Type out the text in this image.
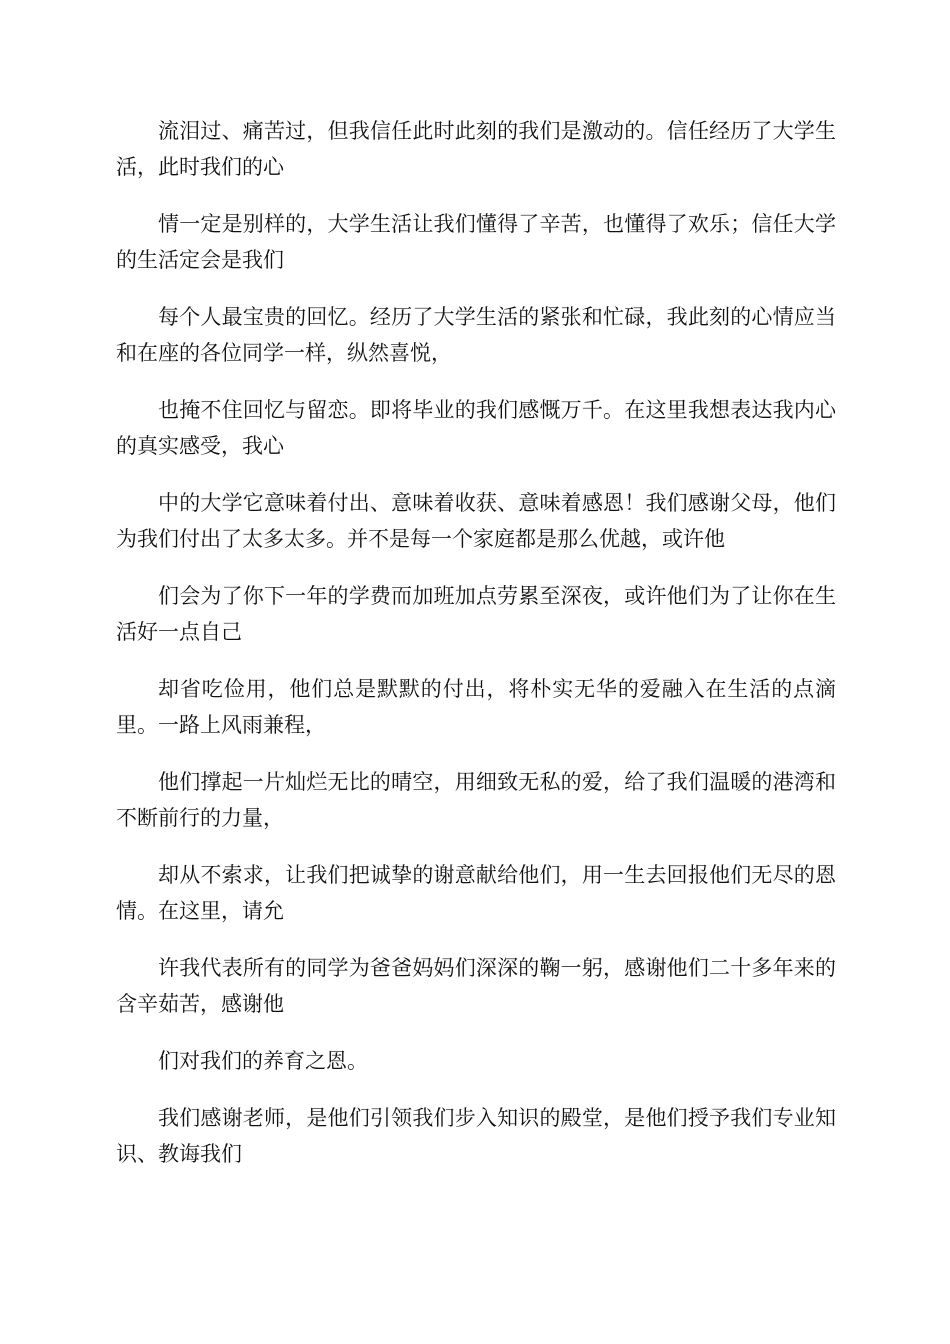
流泪过、痛苦过，但我信任此时此刻的我们是激动的。信任经历了大学生活，此时我们的心

情一定是别样的，大学生活让我们懂得了辛苦，也懂得了欢乐；信任大学的生活定会是我们

每个人最宝贵的回忆。经历了大学生活的紧张和忙碌，我此刻的心情应当和在座的各位同学一样，纵然喜悦，

也掩不住回忆与留恋。即将毕业的我们感慨万千。在这里我想表达我内心的真实感受，我心

中的大学它意味着付出、意味着收获、意味着感恩！我们感谢父母，他们为我们付出了太多太多。并不是每一个家庭都是那么优越，或许他

们会为了你下一年的学费而加班加点劳累至深夜，或许他们为了让你在生活好一点自己

却省吃俭用，他们总是默默的付出，将朴实无华的爱融入在生活的点滴里。一路上风雨兼程，

他们撑起一片灿烂无比的晴空，用细致无私的爱，给了我们温暖的港湾和不断前行的力量，

却从不索求，让我们把诚挚的谢意献给他们，用一生去回报他们无尽的恩情。在这里，请允

许我代表所有的同学为爸爸妈妈们深深的鞠一躬，感谢他们二十多年来的含辛茹苦，感谢他

们对我们的养育之恩。

我们感谢老师，是他们引领我们步入知识的殿堂，是他们授予我们专业知识、教诲我们
